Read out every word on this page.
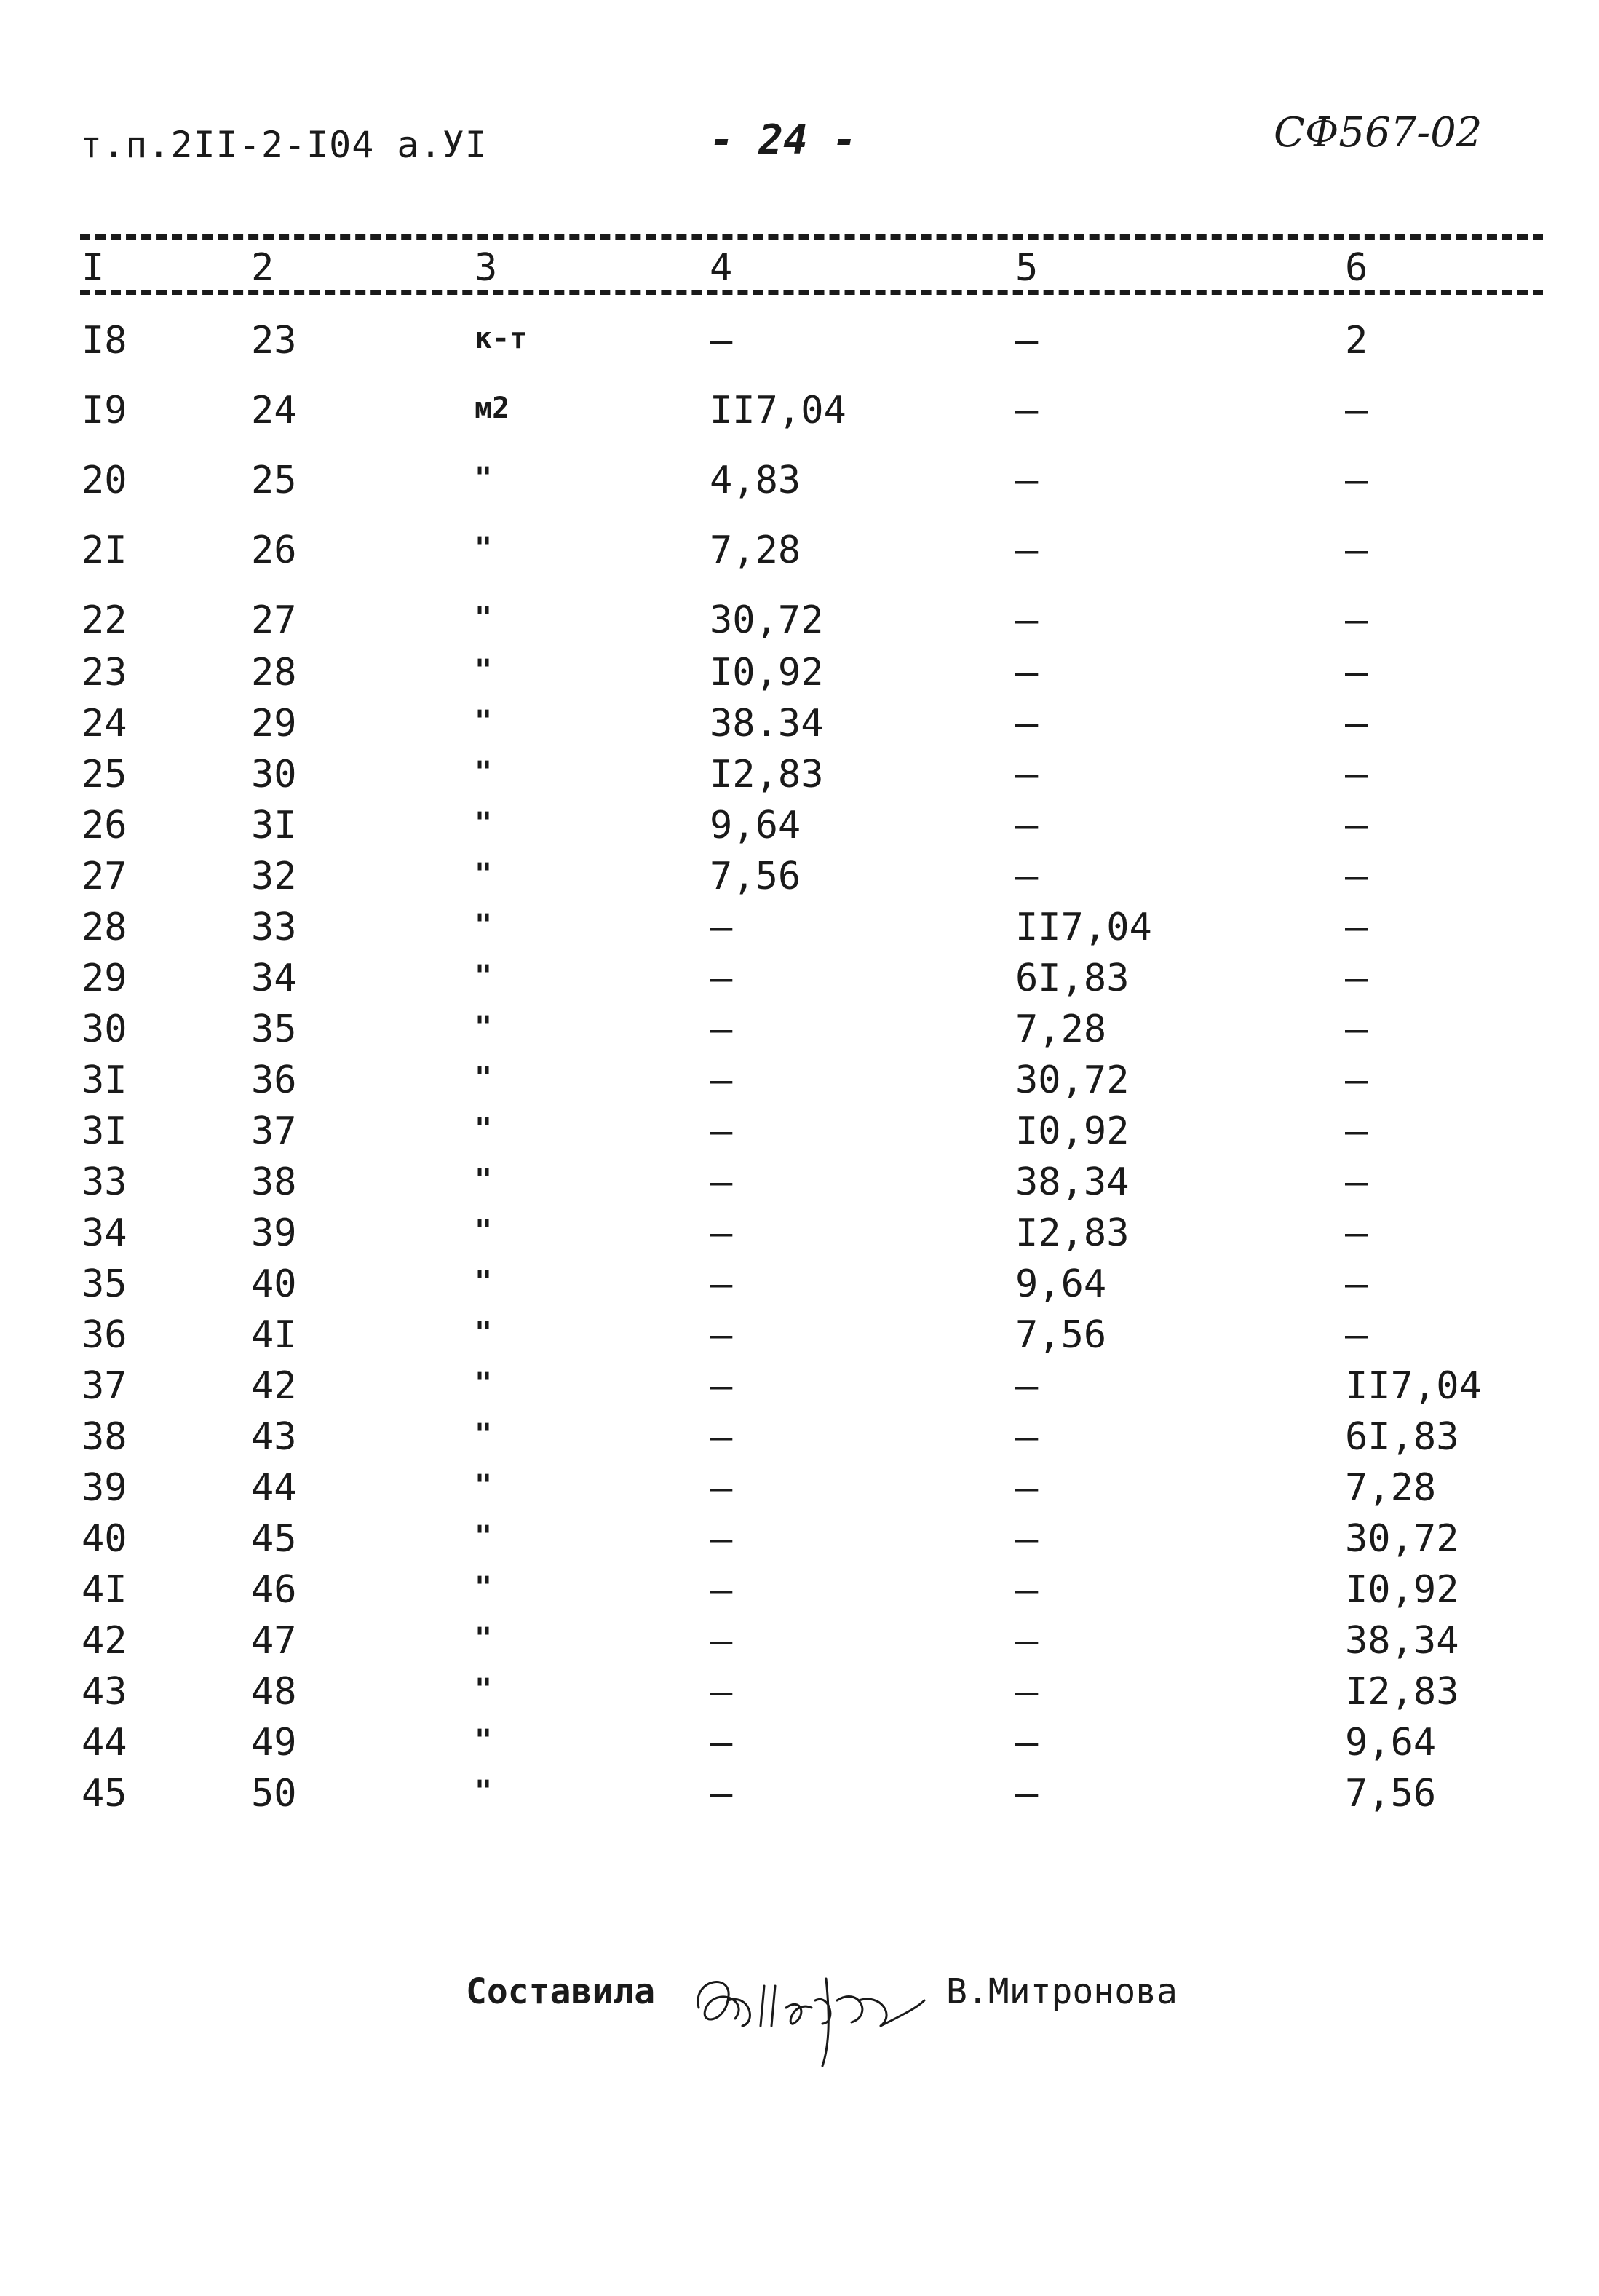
т.п.2II-2-I04 а.УI	- 24 -	СФ567-02
I	2	3	4	5	6
I8	23	к-т	–	–	2
I9	24	м2	II7,04	–	–
20	25	"	4,83	–	–
2I	26	"	7,28	–	–
22	27	"	30,72	–	–
23	28	"	I0,92	–	–
24	29	"	38.34	–	–
25	30	"	I2,83	–	–
26	3I	"	9,64	–	–
27	32	"	7,56	–	–
28	33	"	–	II7,04	–
29	34	"	–	6I,83	–
30	35	"	–	7,28	–
3I	36	"	–	30,72	–
3I	37	"	–	I0,92	–
33	38	"	–	38,34	–
34	39	"	–	I2,83	–
35	40	"	–	9,64	–
36	4I	"	–	7,56	–
37	42	"	–	–	II7,04
38	43	"	–	–	6I,83
39	44	"	–	–	7,28
40	45	"	–	–	30,72
4I	46	"	–	–	I0,92
42	47	"	–	–	38,34
43	48	"	–	–	I2,83
44	49	"	–	–	9,64
45	50	"	–	–	7,56
Составила	В.Митронова
